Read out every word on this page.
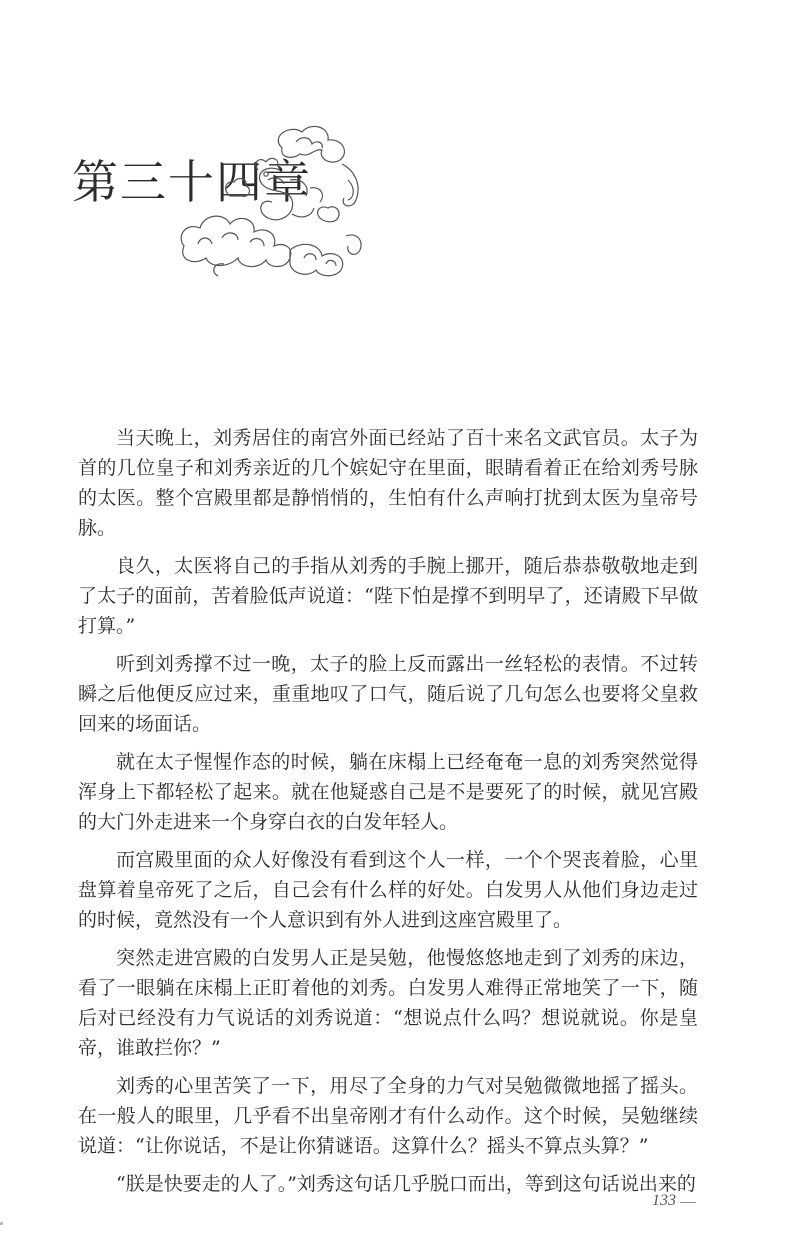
第三十四章

当天晚上，刘秀居住的南宫外面已经站了百十来名文武官员。太子为首的几位皇子和刘秀亲近的几个嫔妃守在里面，眼睛看着正在给刘秀号脉的太医。整个宫殿里都是静悄悄的，生怕有什么声响打扰到太医为皇帝号脉。

良久，太医将自己的手指从刘秀的手腕上挪开，随后恭恭敬敬地走到了太子的面前，苦着脸低声说道：“陛下怕是撑不到明早了，还请殿下早做打算。”

听到刘秀撑不过一晚，太子的脸上反而露出一丝轻松的表情。不过转瞬之后他便反应过来，重重地叹了口气，随后说了几句怎么也要将父皇救回来的场面话。

就在太子惺惺作态的时候，躺在床榻上已经奄奄一息的刘秀突然觉得浑身上下都轻松了起来。就在他疑惑自己是不是要死了的时候，就见宫殿的大门外走进来一个身穿白衣的白发年轻人。

而宫殿里面的众人好像没有看到这个人一样，一个个哭丧着脸，心里盘算着皇帝死了之后，自己会有什么样的好处。白发男人从他们身边走过的时候，竟然没有一个人意识到有外人进到这座宫殿里了。

突然走进宫殿的白发男人正是吴勉，他慢悠悠地走到了刘秀的床边，看了一眼躺在床榻上正盯着他的刘秀。白发男人难得正常地笑了一下，随后对已经没有力气说话的刘秀说道：“想说点什么吗？想说就说。你是皇帝，谁敢拦你？”

刘秀的心里苦笑了一下，用尽了全身的力气对吴勉微微地摇了摇头。在一般人的眼里，几乎看不出皇帝刚才有什么动作。这个时候，吴勉继续说道：“让你说话，不是让你猜谜语。这算什么？摇头不算点头算？”

“朕是快要走的人了。”刘秀这句话几乎脱口而出，等到这句话说出来的

133
